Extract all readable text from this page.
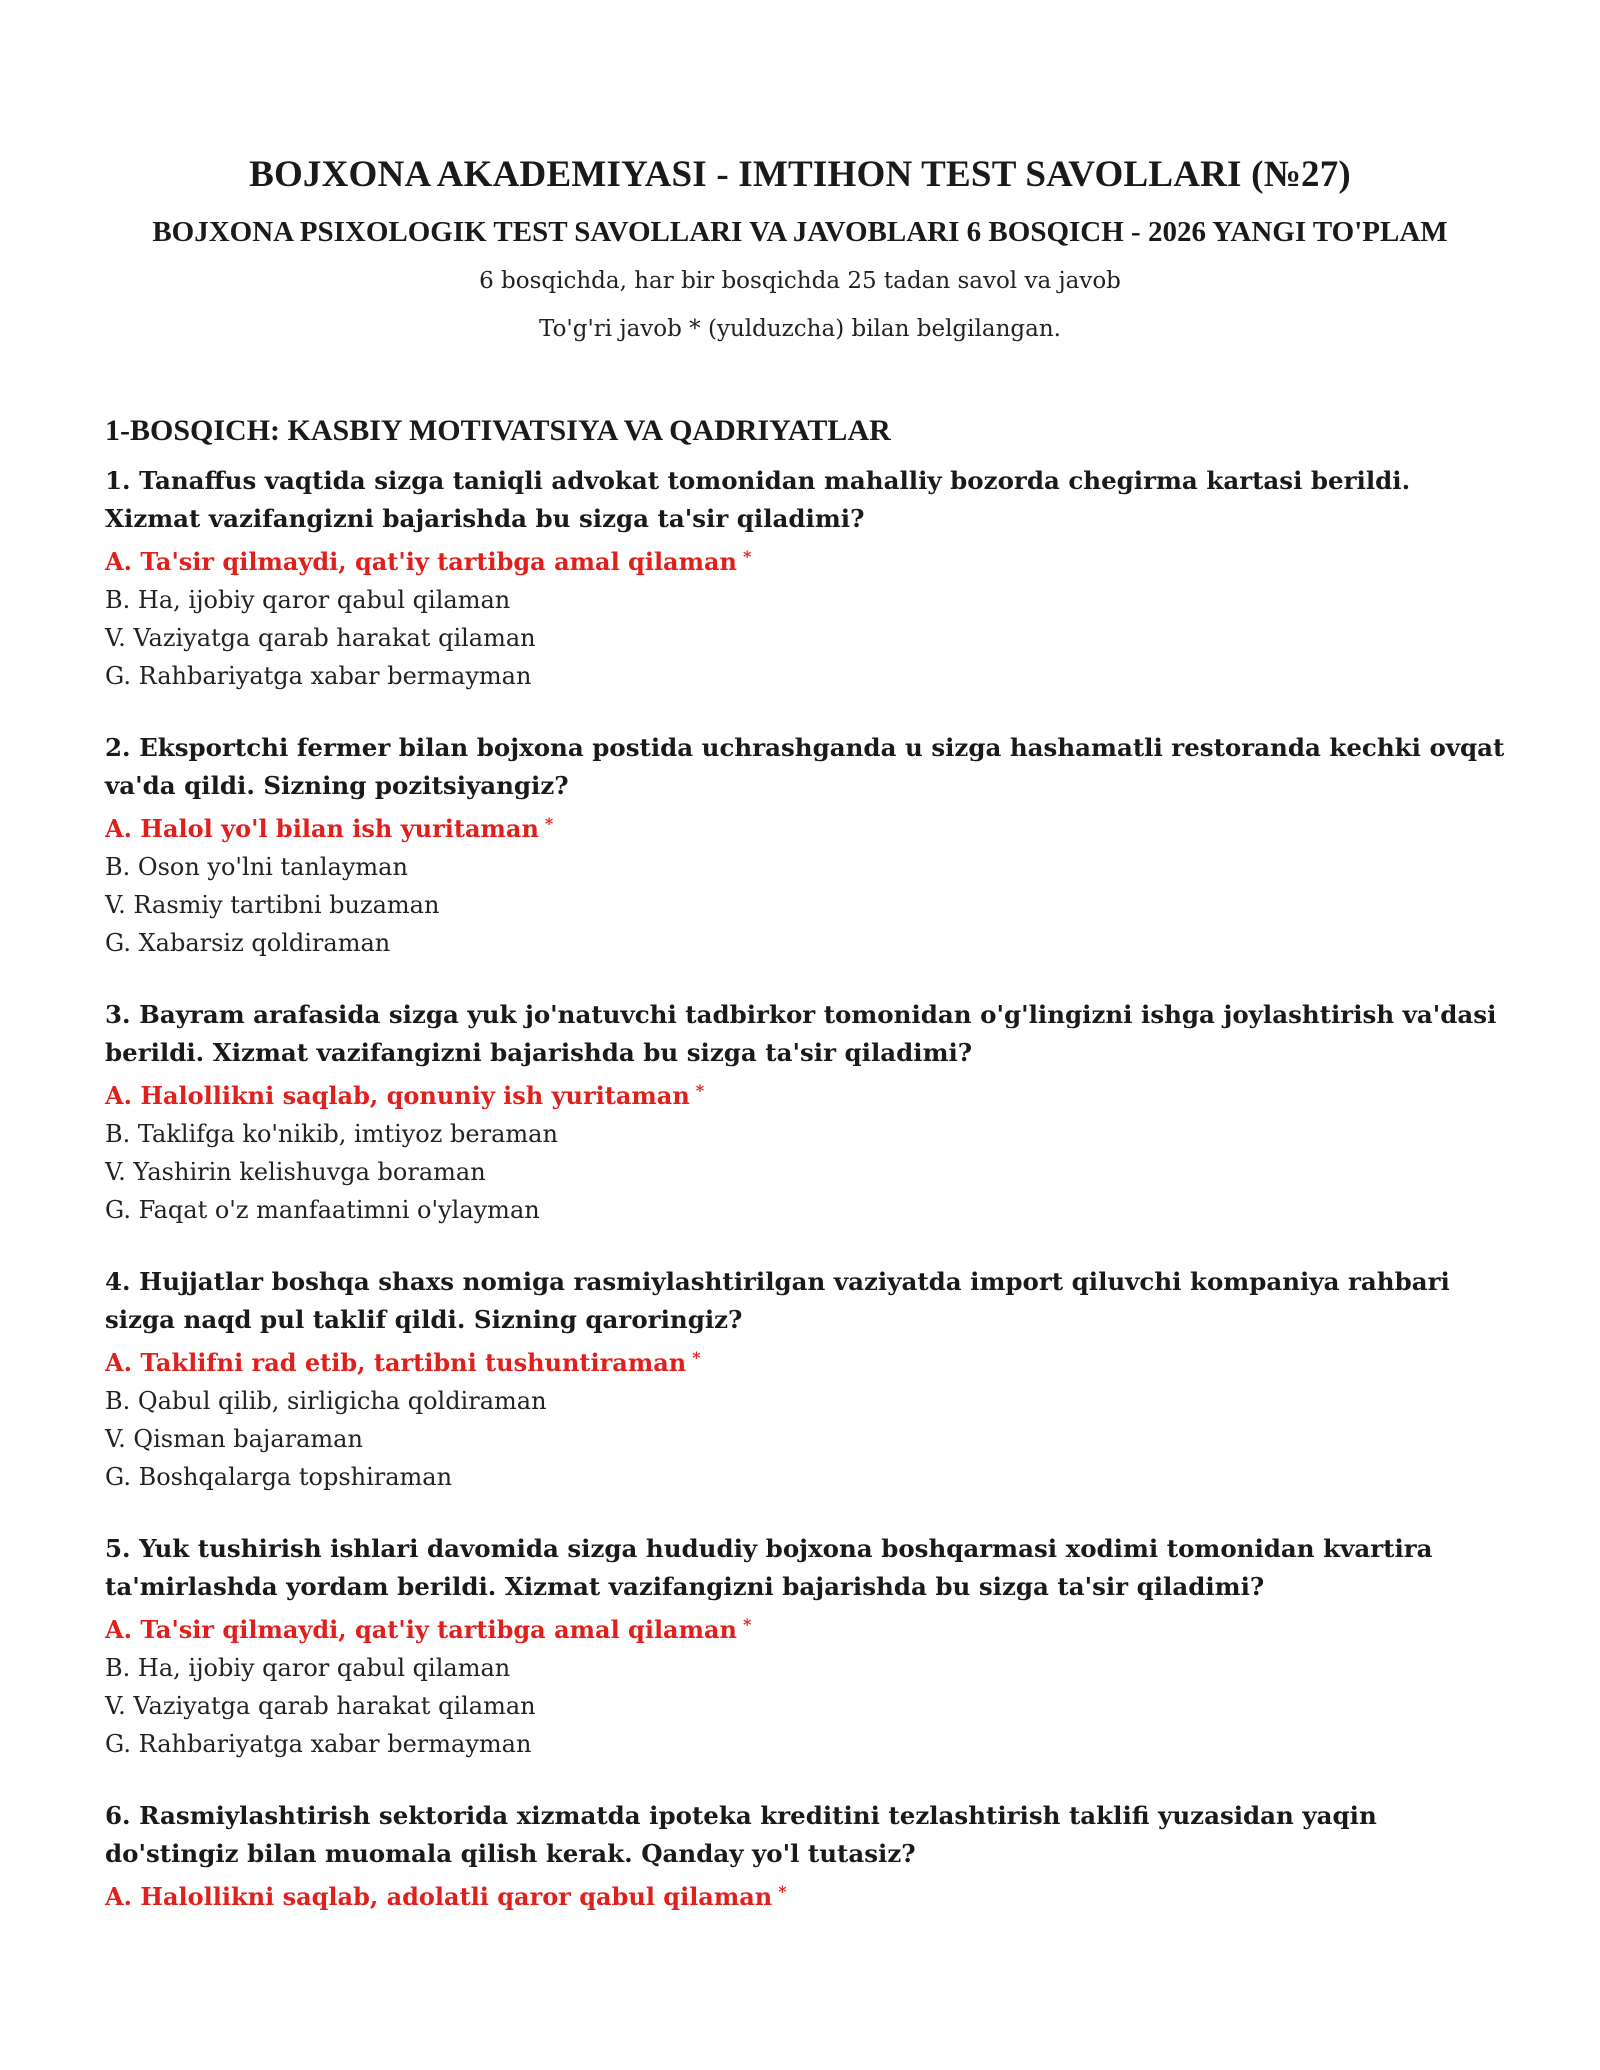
BOJXONA AKADEMIYASI - IMTIHON TEST SAVOLLARI (№27)
BOJXONA PSIXOLOGIK TEST SAVOLLARI VA JAVOBLARI 6 BOSQICH - 2026 YANGI TO'PLAM
6 bosqichda, har bir bosqichda 25 tadan savol va javob
To'g'ri javob * (yulduzcha) bilan belgilangan.
1-BOSQICH: KASBIY MOTIVATSIYA VA QADRIYATLAR
1. Tanaffus vaqtida sizga taniqli advokat tomonidan mahalliy bozorda chegirma kartasi berildi. Xizmat vazifangizni bajarishda bu sizga ta'sir qiladimi?
A. Ta'sir qilmaydi, qat'iy tartibga amal qilaman *
B. Ha, ijobiy qaror qabul qilaman
V. Vaziyatga qarab harakat qilaman
G. Rahbariyatga xabar bermayman
2. Eksportchi fermer bilan bojxona postida uchrashganda u sizga hashamatli restoranda kechki ovqat va'da qildi. Sizning pozitsiyangiz?
A. Halol yo'l bilan ish yuritaman *
B. Oson yo'lni tanlayman
V. Rasmiy tartibni buzaman
G. Xabarsiz qoldiraman
3. Bayram arafasida sizga yuk jo'natuvchi tadbirkor tomonidan o'g'lingizni ishga joylashtirish va'dasi berildi. Xizmat vazifangizni bajarishda bu sizga ta'sir qiladimi?
A. Halollikni saqlab, qonuniy ish yuritaman *
B. Taklifga ko'nikib, imtiyoz beraman
V. Yashirin kelishuvga boraman
G. Faqat o'z manfaatimni o'ylayman
4. Hujjatlar boshqa shaxs nomiga rasmiylashtirilgan vaziyatda import qiluvchi kompaniya rahbari sizga naqd pul taklif qildi. Sizning qaroringiz?
A. Taklifni rad etib, tartibni tushuntiraman *
B. Qabul qilib, sirligicha qoldiraman
V. Qisman bajaraman
G. Boshqalarga topshiraman
5. Yuk tushirish ishlari davomida sizga hududiy bojxona boshqarmasi xodimi tomonidan kvartira ta'mirlashda yordam berildi. Xizmat vazifangizni bajarishda bu sizga ta'sir qiladimi?
A. Ta'sir qilmaydi, qat'iy tartibga amal qilaman *
B. Ha, ijobiy qaror qabul qilaman
V. Vaziyatga qarab harakat qilaman
G. Rahbariyatga xabar bermayman
6. Rasmiylashtirish sektorida xizmatda ipoteka kreditini tezlashtirish taklifi yuzasidan yaqin do'stingiz bilan muomala qilish kerak. Qanday yo'l tutasiz?
A. Halollikni saqlab, adolatli qaror qabul qilaman *
